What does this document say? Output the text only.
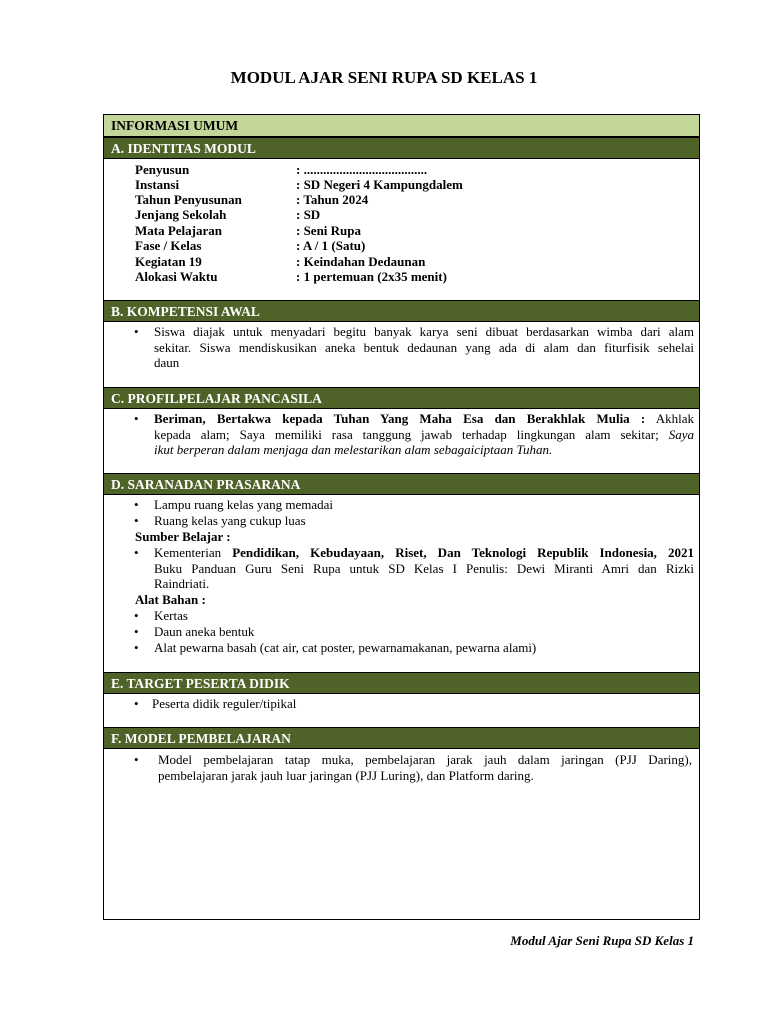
MODUL AJAR SENI RUPA SD KELAS 1
INFORMASI UMUM
A. IDENTITAS MODUL
Penyusun	: ......................................
Instansi	: SD Negeri 4 Kampungdalem
Tahun Penyusunan	: Tahun 2024
Jenjang Sekolah	: SD
Mata Pelajaran	: Seni Rupa
Fase / Kelas	: A / 1 (Satu)
Kegiatan 19	: Keindahan Dedaunan
Alokasi Waktu	: 1 pertemuan (2x35 menit)
B. KOMPETENSI AWAL
• Siswa diajak untuk menyadari begitu banyak karya seni dibuat berdasarkan wimba dari alam
sekitar. Siswa mendiskusikan aneka bentuk dedaunan yang ada di alam dan fiturfisik sehelai
daun
C. PROFILPELAJAR PANCASILA
• Beriman, Bertakwa kepada Tuhan Yang Maha Esa dan Berakhlak Mulia : Akhlak
kepada alam; Saya memiliki rasa tanggung jawab terhadap lingkungan alam sekitar; Saya
ikut berperan dalam menjaga dan melestarikan alam sebagaiciptaan Tuhan.
D. SARANADAN PRASARANA
• Lampu ruang kelas yang memadai
• Ruang kelas yang cukup luas
Sumber Belajar :
• Kementerian Pendidikan, Kebudayaan, Riset, Dan Teknologi Republik Indonesia, 2021
Buku Panduan Guru Seni Rupa untuk SD Kelas I Penulis: Dewi Miranti Amri dan Rizki
Raindriati.
Alat Bahan :
• Kertas
• Daun aneka bentuk
• Alat pewarna basah (cat air, cat poster, pewarnamakanan, pewarna alami)
E. TARGET PESERTA DIDIK
• Peserta didik reguler/tipikal
F. MODEL PEMBELAJARAN
• Model pembelajaran tatap muka, pembelajaran jarak jauh dalam jaringan (PJJ Daring),
pembelajaran jarak jauh luar jaringan (PJJ Luring), dan Platform daring.
Modul Ajar Seni Rupa SD Kelas 1
